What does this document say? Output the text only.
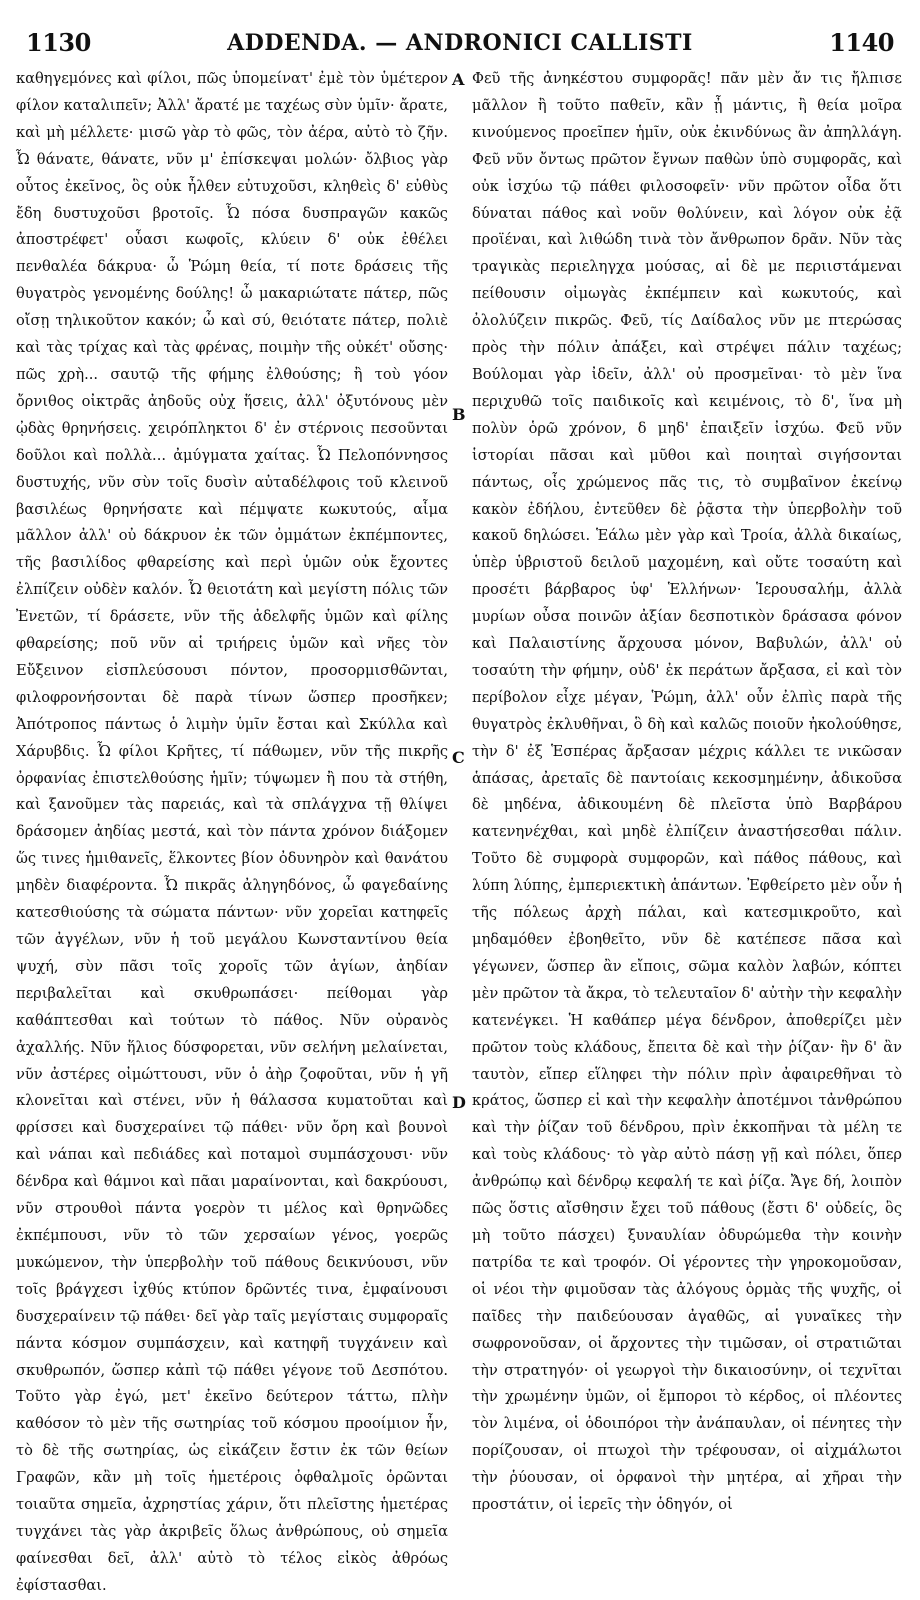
1130	ADDENDA. — ANDRONICI CALLISTI	1140

καθηγεμόνες καὶ φίλοι, πῶς ὑπομείνατ' ἐμὲ τὸν ὑμέτερον φίλον καταλιπεῖν; Ἀλλ' ἄρατέ με ταχέως σὺν ὑμῖν· ἄρατε, καὶ μὴ μέλλετε· μισῶ γὰρ τὸ φῶς, τὸν ἀέρα, αὐτὸ τὸ ζῆν. Ὦ θάνατε, θάνατε, νῦν μ' ἐπίσκεψαι μολών· ὄλβιος γὰρ οὗτος ἐκεῖνος, ὃς οὐκ ἦλθεν εὐτυχοῦσι, κληθεὶς δ' εὐθὺς ἔδη δυστυχοῦσι βροτοῖς. Ὦ πόσα δυσπραγῶν κακῶς ἀποστρέφετ' οὖασι κωφοῖς, κλύειν δ' οὐκ ἐθέλει πενθαλέα δάκρυα· ὦ Ῥώμη θεία, τί ποτε δράσεις τῆς θυγατρὸς γενομένης δούλης! ὦ μακαριώτατε πάτερ, πῶς οἴσῃ τηλικοῦτον κακόν; ὦ καὶ σύ, θειότατε πάτερ, πολιὲ καὶ τὰς τρίχας καὶ τὰς φρένας, ποιμὴν τῆς οὐκέτ' οὔσης· πῶς χρὴ... σαυτῷ τῆς φήμης ἐλθούσης; ἢ τοὺ γόον ὄρνιθος οἰκτρᾶς ἀηδοῦς οὐχ ἥσεις, ἀλλ' ὀξυτόνους μὲν ᾠδὰς θρηνήσεις. χειρόπληκτοι δ' ἐν στέρνοις πεσοῦνται δοῦλοι καὶ πολλὰ... ἀμύγματα χαίτας. Ὦ Πελοπόννησος δυστυχής, νῦν σὺν τοῖς δυσὶν αὐταδέλφοις τοῦ κλεινοῦ βασιλέως θρηνήσατε καὶ πέμψατε κωκυτούς, αἷμα μᾶλλον ἀλλ' οὐ δάκρυον ἐκ τῶν ὀμμάτων ἐκπέμποντες, τῆς βασιλίδος φθαρείσης καὶ περὶ ὑμῶν οὐκ ἔχοντες ἐλπίζειν οὐδὲν καλόν. Ὦ θειοτάτη καὶ μεγίστη πόλις τῶν Ἐνετῶν, τί δράσετε, νῦν τῆς ἀδελφῆς ὑμῶν καὶ φίλης φθαρείσης; ποῦ νῦν αἱ τριήρεις ὑμῶν καὶ νῆες τὸν Εὔξεινον εἰσπλεύσουσι πόντον, προσορμισθῶνται, φιλοφρονήσονται δὲ παρὰ τίνων ὥσπερ προσῆκεν; Ἀπότροπος πάντως ὁ λιμὴν ὑμῖν ἔσται καὶ Σκύλλα καὶ Χάρυβδις. Ὦ φίλοι Κρῆτες, τί πάθωμεν, νῦν τῆς πικρῆς ὀρφανίας ἐπιστελθούσης ἡμῖν; τύψωμεν ἢ που τὰ στήθη, καὶ ξανοῦμεν τὰς παρειάς, καὶ τὰ σπλάγχνα τῇ θλίψει δράσομεν ἀηδίας μεστά, καὶ τὸν πάντα χρόνον διάξομεν ὥς τινες ἡμιθανεῖς, ἕλκοντες βίον ὀδυνηρὸν καὶ θανάτου μηδὲν διαφέροντα. Ὦ πικρᾶς ἀληγηδόνος, ὦ φαγεδαίνης κατεσθιούσης τὰ σώματα πάντων· νῦν χορεῖαι κατηφεῖς τῶν ἀγγέλων, νῦν ἡ τοῦ μεγάλου Κωνσταντίνου θεία ψυχή, σὺν πᾶσι τοῖς χοροῖς τῶν ἁγίων, ἀηδίαν περιβαλεῖται καὶ σκυθρωπάσει· πείθομαι γὰρ καθάπτεσθαι καὶ τούτων τὸ πάθος. Νῦν οὐρανὸς ἀχαλλής. Νῦν ἥλιος δύσφορεται, νῦν σελήνη μελαίνεται, νῦν ἀστέρες οἰμώττουσι, νῦν ὁ ἀὴρ ζοφοῦται, νῦν ἡ γῆ κλονεῖται καὶ στένει, νῦν ἡ θάλασσα κυματοῦται καὶ φρίσσει καὶ δυσχεραίνει τῷ πάθει· νῦν ὄρη καὶ βουνοὶ καὶ νάπαι καὶ πεδιάδες καὶ ποταμοὶ συμπάσχουσι· νῦν δένδρα καὶ θάμνοι καὶ πᾶαι μαραίνονται, καὶ δακρύουσι, νῦν στρουθοὶ πάντα γοερὸν τι μέλος καὶ θρηνῶδες ἐκπέμπουσι, νῦν τὸ τῶν χερσαίων γένος, γοερῶς μυκώμενον, τὴν ὑπερβολὴν τοῦ πάθους δεικνύουσι, νῦν τοῖς βράγχεσι ἰχθύς κτύπον δρῶντές τινα, ἐμφαίνουσι δυσχεραίνειν τῷ πάθει· δεῖ γὰρ ταῖς μεγίσταις συμφοραῖς πάντα κόσμον συμπάσχειν, καὶ κατηφῆ τυγχάνειν καὶ σκυθρωπόν, ὥσπερ κἀπὶ τῷ πάθει γέγονε τοῦ Δεσπότου. Τοῦτο γὰρ ἐγώ, μετ' ἐκεῖνο δεύτερον τάττω, πλὴν καθόσον τὸ μὲν τῆς σωτηρίας τοῦ κόσμου προοίμιον ἦν, τὸ δὲ τῆς σωτηρίας, ὡς εἰκάζειν ἔστιν ἐκ τῶν θείων Γραφῶν, κἂν μὴ τοῖς ἡμετέροις ὀφθαλμοῖς ὁρῶνται τοιαῦτα σημεῖα, ἀχρηστίας χάριν, ὅτι πλεῖστης ἡμετέρας τυγχάνει τὰς γὰρ ἀκριβεῖς ὅλως ἀνθρώπους, οὐ σημεῖα φαίνεσθαι δεῖ, ἀλλ' αὐτὸ τὸ τέλος εἰκὸς ἀθρόως ἐφίστασθαι.

A
B
C
D

Φεῦ τῆς ἀνηκέστου συμφορᾶς! πᾶν μὲν ἄν τις ἤλπισε μᾶλλον ἢ τοῦτο παθεῖν, κἂν ᾖ μάντις, ἢ θεία μοῖρα κινούμενος προεῖπεν ἡμῖν, οὐκ ἐκινδύνως ἂν ἀπηλλάγη. Φεῦ νῦν ὄντως πρῶτον ἔγνων παθὼν ὑπὸ συμφορᾶς, καὶ οὐκ ἰσχύω τῷ πάθει φιλοσοφεῖν· νῦν πρῶτον οἶδα ὅτι δύναται πάθος καὶ νοῦν θολύνειν, καὶ λόγον οὐκ ἐᾷ προϊέναι, καὶ λιθώδη τινὰ τὸν ἄνθρωπον δρᾶν. Νῦν τὰς τραγικὰς περιεληγχα μούσας, αἱ δὲ με περιιστάμεναι πείθουσιν οἰμωγὰς ἐκπέμπειν καὶ κωκυτούς, καὶ ὀλολύζειν πικρῶς. Φεῦ, τίς Δαίδαλος νῦν με πτερώσας πρὸς τὴν πόλιν ἀπάξει, καὶ στρέψει πάλιν ταχέως; Βούλομαι γὰρ ἰδεῖν, ἀλλ' οὐ προσμεῖναι· τὸ μὲν ἵνα περιχυθῶ τοῖς παιδικοῖς καὶ κειμένοις, τὸ δ', ἵνα μὴ πολὺν ὁρῶ χρόνον, δ μηδ' ἐπαιξεῖν ἰσχύω. Φεῦ νῦν ἱστορίαι πᾶσαι καὶ μῦθοι καὶ ποιηταὶ σιγήσονται πάντως, οἷς χρώμενος πᾶς τις, τὸ συμβαῖνον ἐκείνῳ κακὸν ἐδήλου, ἐντεῦθεν δὲ ῥᾷστα τὴν ὑπερβολὴν τοῦ κακοῦ δηλώσει. Ἑάλω μὲν γὰρ καὶ Τροία, ἀλλὰ δικαίως, ὑπὲρ ὑβριστοῦ δειλοῦ μαχομένη, καὶ οὔτε τοσαύτη καὶ προσέτι βάρβαρος ὑφ' Ἑλλήνων· Ἱερουσαλήμ, ἀλλὰ μυρίων οὖσα ποινῶν ἀξίαν δεσποτικὸν δράσασα φόνον καὶ Παλαιστίνης ἄρχουσα μόνον, Βαβυλών, ἀλλ' οὐ τοσαύτη τὴν φήμην, οὐδ' ἐκ περάτων ἄρξασα, εἰ καὶ τὸν περίβολον εἶχε μέγαν, Ῥώμη, ἀλλ' οὖν ἐλπὶς παρὰ τῆς θυγατρὸς ἐκλυθῆναι, ὃ δὴ καὶ καλῶς ποιοῦν ἠκολούθησε, τὴν δ' ἐξ Ἑσπέρας ἄρξασαν μέχρις κάλλει τε νικῶσαν ἁπάσας, ἀρεταῖς δὲ παντοίαις κεκοσμημένην, ἀδικοῦσα δὲ μηδένα, ἀδικουμένη δὲ πλεῖστα ὑπὸ Βαρβάρου κατενηνέχθαι, καὶ μηδὲ ἐλπίζειν ἀναστήσεσθαι πάλιν. Τοῦτο δὲ συμφορὰ συμφορῶν, καὶ πάθος πάθους, καὶ λύπη λύπης, ἐμπεριεκτικὴ ἁπάντων. Ἐφθείρετο μὲν οὖν ἡ τῆς πόλεως ἀρχὴ πάλαι, καὶ κατεσμικροῦτο, καὶ μηδαμόθεν ἐβοηθεῖτο, νῦν δὲ κατέπεσε πᾶσα καὶ γέγωνεν, ὥσπερ ἂν εἴποις, σῶμα καλὸν λαβών, κόπτει μὲν πρῶτον τὰ ἄκρα, τὸ τελευταῖον δ' αὐτὴν τὴν κεφαλὴν κατενέγκει. Ἡ καθάπερ μέγα δένδρον, ἀποθερίζει μὲν πρῶτον τοὺς κλάδους, ἔπειτα δὲ καὶ τὴν ῥίζαν· ἣν δ' ἂν ταυτὸν, εἴπερ εἵληφει τὴν πόλιν πρὶν ἀφαιρεθῆναι τὸ κράτος, ὥσπερ εἰ καὶ τὴν κεφαλὴν ἀποτέμνοι τἀνθρώπου καὶ τὴν ῥίζαν τοῦ δένδρου, πρὶν ἐκκοπῆναι τὰ μέλη τε καὶ τοὺς κλάδους· τὸ γὰρ αὐτὸ πάσῃ γῇ καὶ πόλει, ὅπερ ἀνθρώπῳ καὶ δένδρῳ κεφαλή τε καὶ ῥίζα. Ἄγε δή, λοιπὸν πῶς ὅστις αἴσθησιν ἔχει τοῦ πάθους (ἔστι δ' οὐδείς, ὃς μὴ τοῦτο πάσχει) ξυναυλίαν ὀδυρώμεθα τὴν κοινὴν πατρίδα τε καὶ τροφόν. Οἱ γέροντες τὴν γηροκομοῦσαν, οἱ νέοι τὴν φιμοῦσαν τὰς ἀλόγους ὁρμὰς τῆς ψυχῆς, οἱ παῖδες τὴν παιδεύουσαν ἀγαθῶς, αἱ γυναῖκες τὴν σωφρονοῦσαν, οἱ ἄρχοντες τὴν τιμῶσαν, οἱ στρατιῶται τὴν στρατηγόν· οἱ γεωργοὶ τὴν δικαιοσύνην, οἱ τεχνῖται τὴν χρωμένην ὑμῶν, οἱ ἔμποροι τὸ κέρδος, οἱ πλέοντες τὸν λιμένα, οἱ ὁδοιπόροι τὴν ἀνάπαυλαν, οἱ πένητες τὴν πορίζουσαν, οἱ πτωχοὶ τὴν τρέφουσαν, οἱ αἰχμάλωτοι τὴν ῥύουσαν, οἱ ὀρφανοὶ τὴν μητέρα, αἱ χῆραι τὴν προστάτιν, οἱ ἱερεῖς τὴν ὁδηγόν, οἱ
